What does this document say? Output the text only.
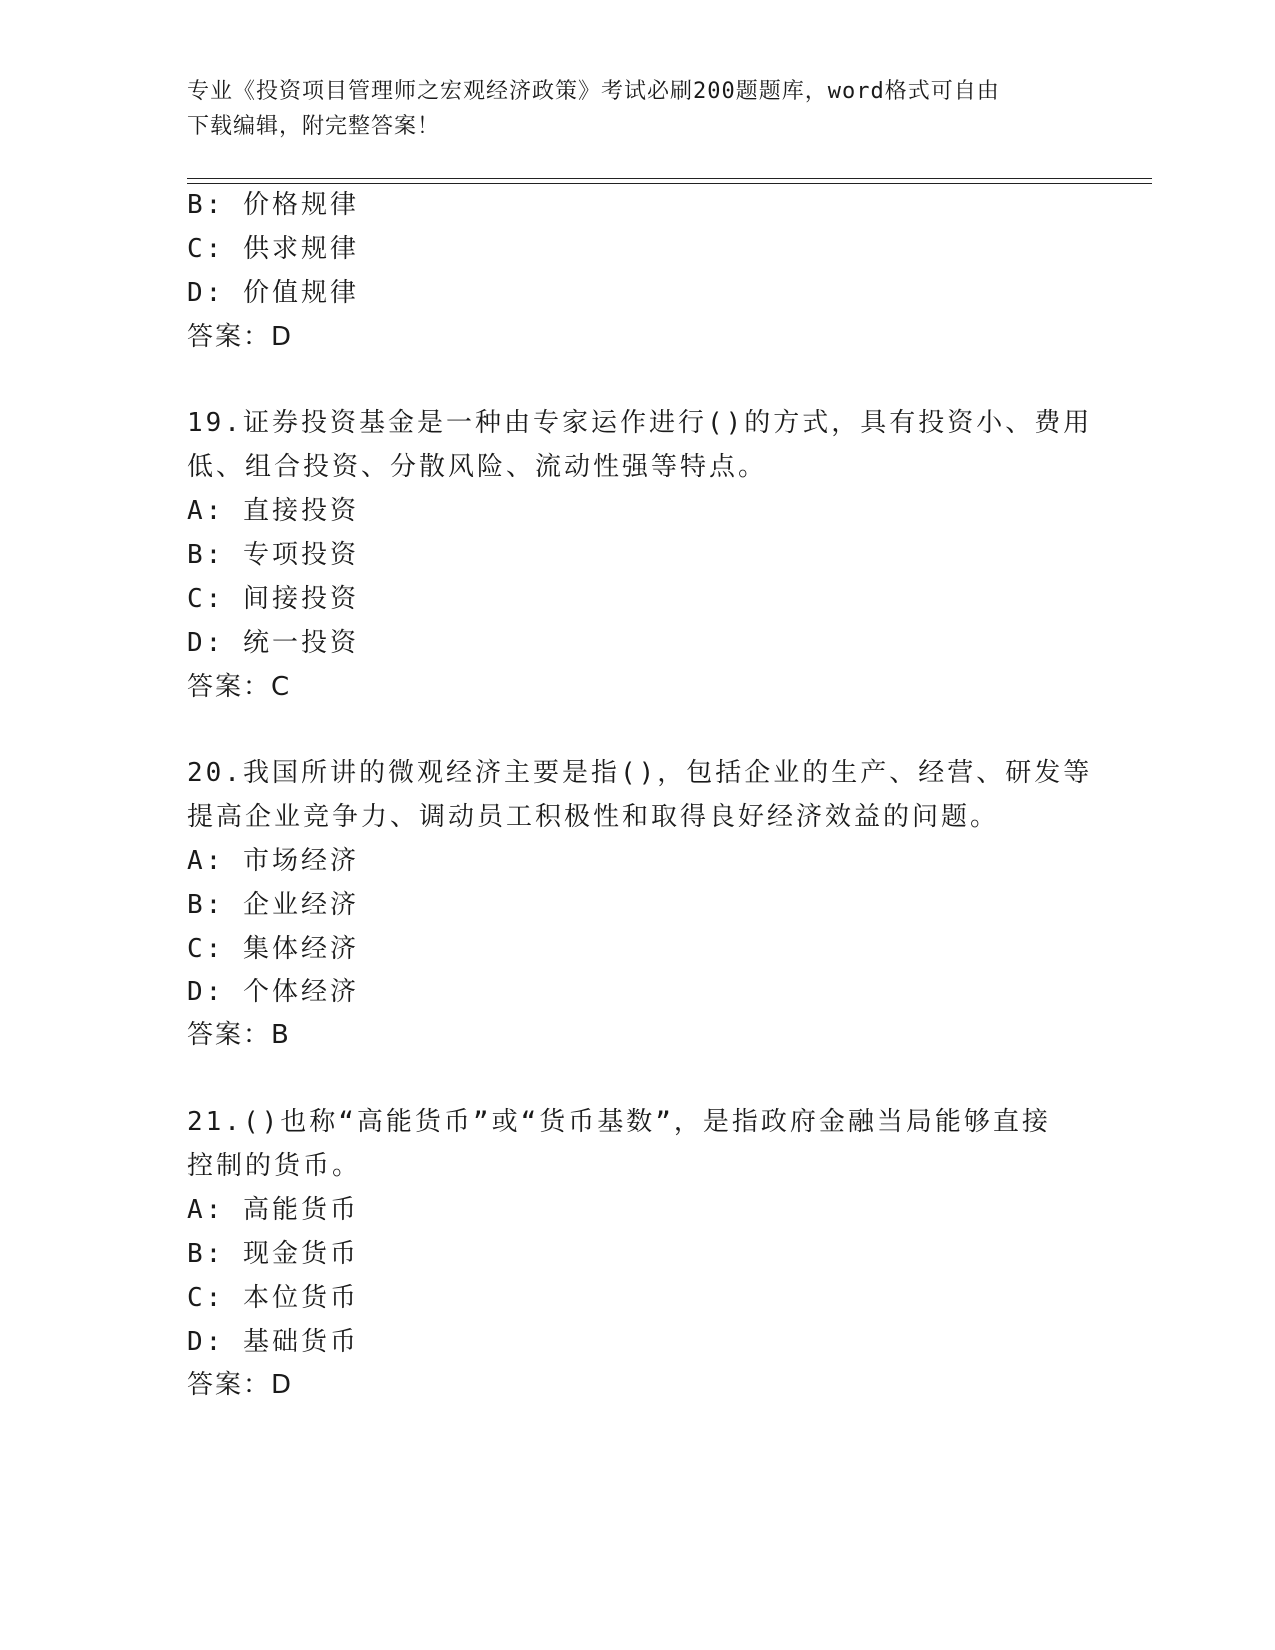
专业《投资项目管理师之宏观经济政策》考试必刷200题题库，word格式可自由
下载编辑，附完整答案！
B: 价格规律
C: 供求规律
D: 价值规律
答案：D
19.证券投资基金是一种由专家运作进行()的方式，具有投资小、费用
低、组合投资、分散风险、流动性强等特点。
A: 直接投资
B: 专项投资
C: 间接投资
D: 统一投资
答案：C
20.我国所讲的微观经济主要是指()，包括企业的生产、经营、研发等
提高企业竞争力、调动员工积极性和取得良好经济效益的问题。
A: 市场经济
B: 企业经济
C: 集体经济
D: 个体经济
答案：B
21.()也称“高能货币”或“货币基数”，是指政府金融当局能够直接
控制的货币。
A: 高能货币
B: 现金货币
C: 本位货币
D: 基础货币
答案：D
